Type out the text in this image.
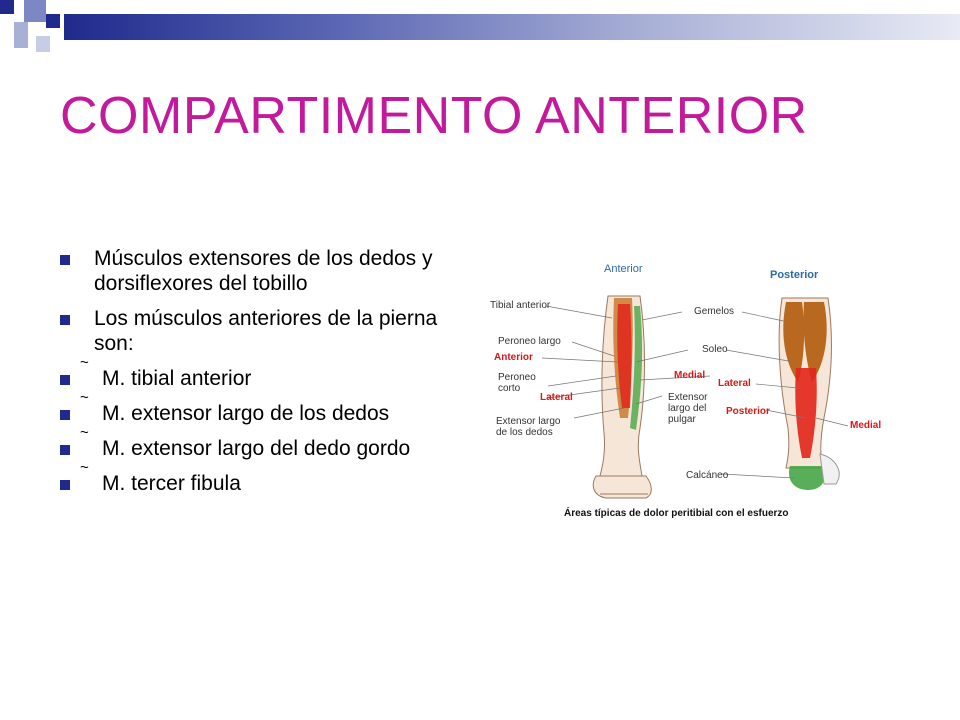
COMPARTIMENTO ANTERIOR
Músculos extensores de los dedos y dorsiflexores del tobillo
Los músculos anteriores de la pierna son:
~
M. tibial anterior
~
M. extensor largo de los dedos
~
M. extensor largo del dedo gordo
~
M. tercer fibula
Anterior	Posterior
Tibial anterior
Peroneo largo
Anterior
Peroneo
corto
Lateral
Extensor largo
de los dedos
Gemelos
Soleo
Medial
Extensor
largo del
pulgar
Lateral
Posterior
Medial
Calcáneo
Áreas típicas de dolor peritibial con el esfuerzo
